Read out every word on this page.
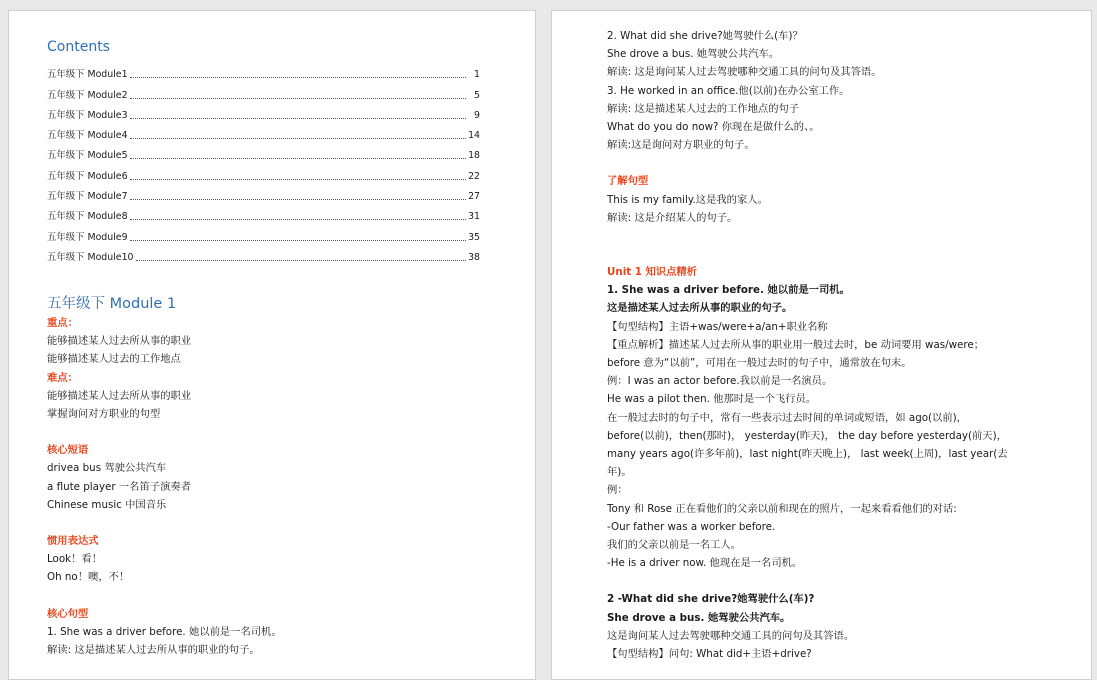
Contents
五年级下 Module1	1
五年级下 Module2	5
五年级下 Module3	9
五年级下 Module4	14
五年级下 Module5	18
五年级下 Module6	22
五年级下 Module7	27
五年级下 Module8	31
五年级下 Module9	35
五年级下 Module10	38
五年级下 Module 1
重点：
能够描述某人过去所从事的职业
能够描述某人过去的工作地点
难点：
能够描述某人过去所从事的职业
掌握询问对方职业的句型
核心短语
drivea bus 驾驶公共汽车
a flute player 一名笛子演奏者
Chinese music 中国音乐
惯用表达式
Look！看！
Oh no！噢，不！
核心句型
1. She was a driver before. 她以前是一名司机。
解读: 这是描述某人过去所从事的职业的句子。
2. What did she drive?她驾驶什么(车)？
She drove a bus. 她驾驶公共汽车。
解读: 这是询问某人过去驾驶哪种交通工具的问句及其答语。
3. He worked in an office.他(以前)在办公室工作。
解读: 这是描述某人过去的工作地点的句子
What do you do now? 你现在是做什么的、。
解读:这是询问对方职业的句子。
了解句型
This is my family.这是我的家人。
解读: 这是介绍某人的句子。
Unit 1 知识点精析
1. She was a driver before. 她以前是一司机。
这是描述某人过去所从事的职业的句子。
【句型结构】主语+was/were+a/an+职业名称
【重点解析】描述某人过去所从事的职业用一般过去时，be 动词要用 was/were；
before 意为“以前”，可用在一般过去时的句子中，通常放在句末。
例：I was an actor before.我以前是一名演员。
He was a pilot then. 他那时是一个飞行员。
在一般过去时的句子中，常有一些表示过去时间的单词或短语，如 ago(以前)，
before(以前)，then(那时)， yesterday(昨天)， the day before yesterday(前天)，
many years ago(许多年前)，last night(昨天晚上)， last week(上周)，last year(去
年)。
例：
Tony 和 Rose 正在看他们的父亲以前和现在的照片，一起来看看他们的对话:
-Our father was a worker before.
我们的父亲以前是一名工人。
-He is a driver now. 他现在是一名司机。
2 -What did she drive?她驾驶什么(车)?
She drove a bus. 她驾驶公共汽车。
这是询问某人过去驾驶哪种交通工具的问句及其答语。
【句型结构】问句: What did+主语+drive?
